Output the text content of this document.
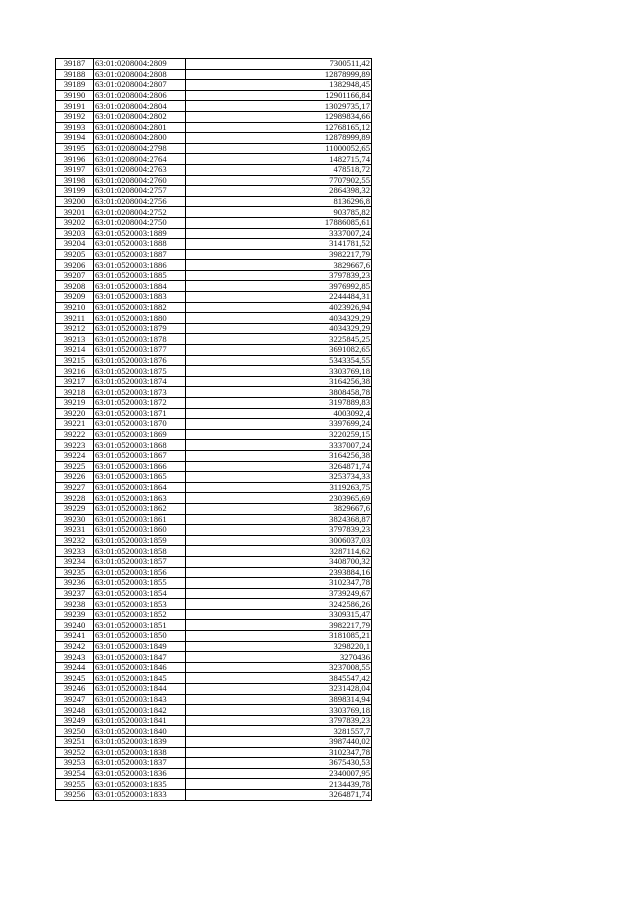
39187	63:01:0208004:2809	7300511,42
39188	63:01:0208004:2808	12878999,89
39189	63:01:0208004:2807	1382948,45
39190	63:01:0208004:2806	12901166,84
39191	63:01:0208004:2804	13029735,17
39192	63:01:0208004:2802	12989834,66
39193	63:01:0208004:2801	12768165,12
39194	63:01:0208004:2800	12878999,89
39195	63:01:0208004:2798	11000052,65
39196	63:01:0208004:2764	1482715,74
39197	63:01:0208004:2763	478518,72
39198	63:01:0208004:2760	7707902,55
39199	63:01:0208004:2757	2864398,32
39200	63:01:0208004:2756	8136296,8
39201	63:01:0208004:2752	903785,82
39202	63:01:0208004:2750	17886085,61
39203	63:01:0520003:1889	3337007,24
39204	63:01:0520003:1888	3141781,52
39205	63:01:0520003:1887	3982217,79
39206	63:01:0520003:1886	3829667,6
39207	63:01:0520003:1885	3797839,23
39208	63:01:0520003:1884	3976992,85
39209	63:01:0520003:1883	2244484,31
39210	63:01:0520003:1882	4023926,94
39211	63:01:0520003:1880	4034329,29
39212	63:01:0520003:1879	4034329,29
39213	63:01:0520003:1878	3225845,25
39214	63:01:0520003:1877	3691082,65
39215	63:01:0520003:1876	5343354,55
39216	63:01:0520003:1875	3303769,18
39217	63:01:0520003:1874	3164256,38
39218	63:01:0520003:1873	3808458,78
39219	63:01:0520003:1872	3197889,83
39220	63:01:0520003:1871	4003092,4
39221	63:01:0520003:1870	3397699,24
39222	63:01:0520003:1869	3220259,15
39223	63:01:0520003:1868	3337007,24
39224	63:01:0520003:1867	3164256,38
39225	63:01:0520003:1866	3264871,74
39226	63:01:0520003:1865	3253734,33
39227	63:01:0520003:1864	3119263,75
39228	63:01:0520003:1863	2303965,69
39229	63:01:0520003:1862	3829667,6
39230	63:01:0520003:1861	3824368,87
39231	63:01:0520003:1860	3797839,23
39232	63:01:0520003:1859	3006037,03
39233	63:01:0520003:1858	3287114,62
39234	63:01:0520003:1857	3408700,32
39235	63:01:0520003:1856	2393884,16
39236	63:01:0520003:1855	3102347,78
39237	63:01:0520003:1854	3739249,67
39238	63:01:0520003:1853	3242586,26
39239	63:01:0520003:1852	3309315,47
39240	63:01:0520003:1851	3982217,79
39241	63:01:0520003:1850	3181085,21
39242	63:01:0520003:1849	3298220,1
39243	63:01:0520003:1847	3270436
39244	63:01:0520003:1846	3237008,55
39245	63:01:0520003:1845	3845547,42
39246	63:01:0520003:1844	3231428,04
39247	63:01:0520003:1843	3898314,94
39248	63:01:0520003:1842	3303769,18
39249	63:01:0520003:1841	3797839,23
39250	63:01:0520003:1840	3281557,7
39251	63:01:0520003:1839	3987440,02
39252	63:01:0520003:1838	3102347,78
39253	63:01:0520003:1837	3675430,53
39254	63:01:0520003:1836	2340007,95
39255	63:01:0520003:1835	2134439,78
39256	63:01:0520003:1833	3264871,74
